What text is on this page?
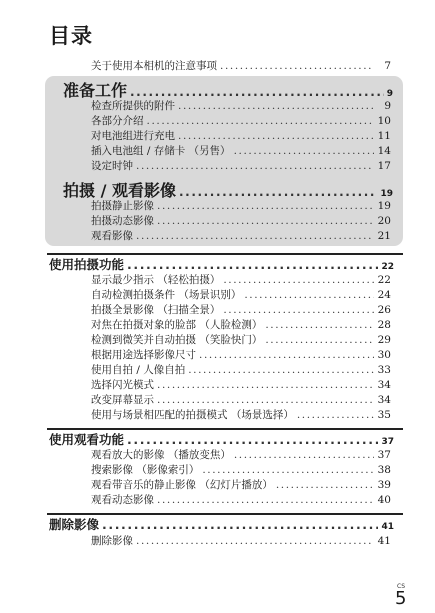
目录
关于使用本相机的注意事项 .....	7
准备工作 .....	9
检查所提供的附件 .....	9
各部分介绍 .....	10
对电池组进行充电 .....	11
插入电池组 / 存储卡 （另售） .....	14
设定时钟 .....	17
拍摄 / 观看影像 .....	19
拍摄静止影像 .....	19
拍摄动态影像 .....	20
观看影像 .....	21
使用拍摄功能 .....	22
显示最少指示 （轻松拍摄） .....	22
自动检测拍摄条件 （场景识别） .....	24
拍摄全景影像 （扫描全景） .....	26
对焦在拍摄对象的脸部 （人脸检测） .....	28
检测到微笑并自动拍摄 （笑脸快门） .....	29
根据用途选择影像尺寸 .....	30
使用自拍 / 人像自拍 .....	33
选择闪光模式 .....	34
改变屏幕显示 .....	34
使用与场景相匹配的拍摄模式 （场景选择） .....	35
使用观看功能 .....	37
观看放大的影像 （播放变焦） .....	37
搜索影像 （影像索引） .....	38
观看带音乐的静止影像 （幻灯片播放） .....	39
观看动态影像 .....	40
删除影像 .....	41
删除影像 .....	41
CS
5
